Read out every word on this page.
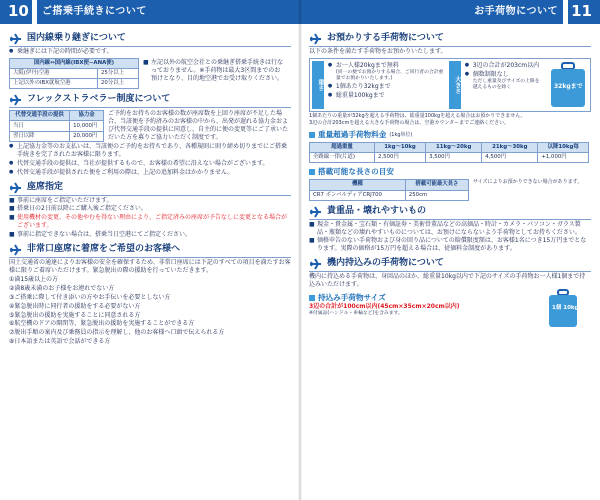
10	ご搭乗手続きについて
国内線乗り継ぎについて
● 乗継ぎには下記の時間が必要です。
国内線⇔国内線(IBX便−ANA便)	
大阪(伊丹)空港	25分以上
上記以外のIBX就航空港	20分以上
■ 左記以外の航空会社との乗継ぎ搭乗手続きは行なっておりません。※手荷物は最大3区間までのお預けとなり、目的地空港でお受け取りください。
フレックストラベラー制度について
代替交通手段の提供	協力金
当日	10,000円
翌日以降	20,000円
ご予約をお持ちのお客様の数が座席数を上回り座席が不足した場合、当該便を予約済みのお客様の中から、出発が遅れる協力金および代替交通手段の提供に同意し、自主的に便の変更等にご了承いただいた方を募りご協力いただく制度です。
● 上記協力金等のお支払いは、当該便のご予約をお持ちであり、各種規則に則り締め切りまでにご搭乗手続きを完了されたお客様に限ります。
● 代替交通手段の提供は、当社が提供するもので、お客様の希望に沿えない場合がございます。
● 代替交通手段が提供された便をご利用の際は、上記の追加料金はかかりません。
座席指定
■ 事前に座席をご指定いただけます。
■ 搭乗日の2日前以降にご購入後ご指定ください。
■ 使用機材の変更、その他やむを得ない理由により、ご指定済みの座席が予告なしに変更となる場合がございます。
■ 事前に指定できない場合は、搭乗当日空港にてご指定ください。
非常口座席に着席をご希望のお客様へ
国土交通省の通達によりお客様の安全を確保するため、非常口座席には下記のすべての項目を満たすお客様に限りご着席いただけます。緊急脱出の際の援助を行っていただきます。
①満15歳以上の方
②満8歳未満のお子様をお連れでない方
③ご搭乗に際して付き添いの方やお手伝いを必要としない方
④緊急脱出時に同行者の援助をする必要がない方
⑤緊急脱出の援助を実施することに同意される方
⑥航空機のドアの開閉等、緊急脱出の援助を実施することができる方
⑦脱出手順の案内及び乗務員の指示を理解し、他のお客様へ口頭で伝えられる方
⑧日本語または英語で会話ができる方
お手荷物について 11
お預かりする手荷物について
以下の条件を満たす手荷物をお預かりいたします。
重さ
● お一人様20kgまで無料
(同一の便でお預かりする場合、ご同行者の合計重量でお預かりいたします。)
● 1個あたり32kgまで
● 総重量100kgまで
大きさ
● 3辺の合計が203cm以内
● 個数制限なし
ただし重量及びサイズの上限を越えるものを除く	32kgまで
1個あたりの重量が32kgを超える手荷物は、総重量100kgを超える場合はお預かりできません。
3辺の合計203cmを超える大きな手荷物の場合は、空港カウンターまでご連絡ください。
重量超過手荷物料金 (1kg単位)
超過重量	1kg〜10kg	11kg〜20kg	21kg〜30kg	以降10kg毎
全路線一律(片道)	2,500円	3,500円	4,500円	+1,000円
搭載可能な長さの目安
機種	搭載可能最大長さ
CR7 ボンバルディアCRJ700	250cm
サイズによりお預かりできない場合があります。
貴重品・壊れやすいもの
■ 現金・貴金属・宝石類・有価証券・美術骨董品などの高価品・時計・カメラ・パソコン・ガラス製品・瓶類などの壊れやすいものについては、お預けにならないよう手荷物としてお持ちください。
■ 価格申告のない手荷物および身の回り品についての賠償限度額は、お客様1名につき15万円までとなります。実際の価格が15万円を超える場合は、従価料金制度があります。
機内持込みの手荷物について
機内に持込める手荷物は、身回品のほか、総重量10kg以内で下記のサイズの手荷物お一人様1個まで持込みいただけます。
持込み手荷物サイズ
3辺の合計が100cm以内(45cm×35cm×20cm以内)
※付属品(ハンドル・車輪など)を含みます。
1個 10kg
